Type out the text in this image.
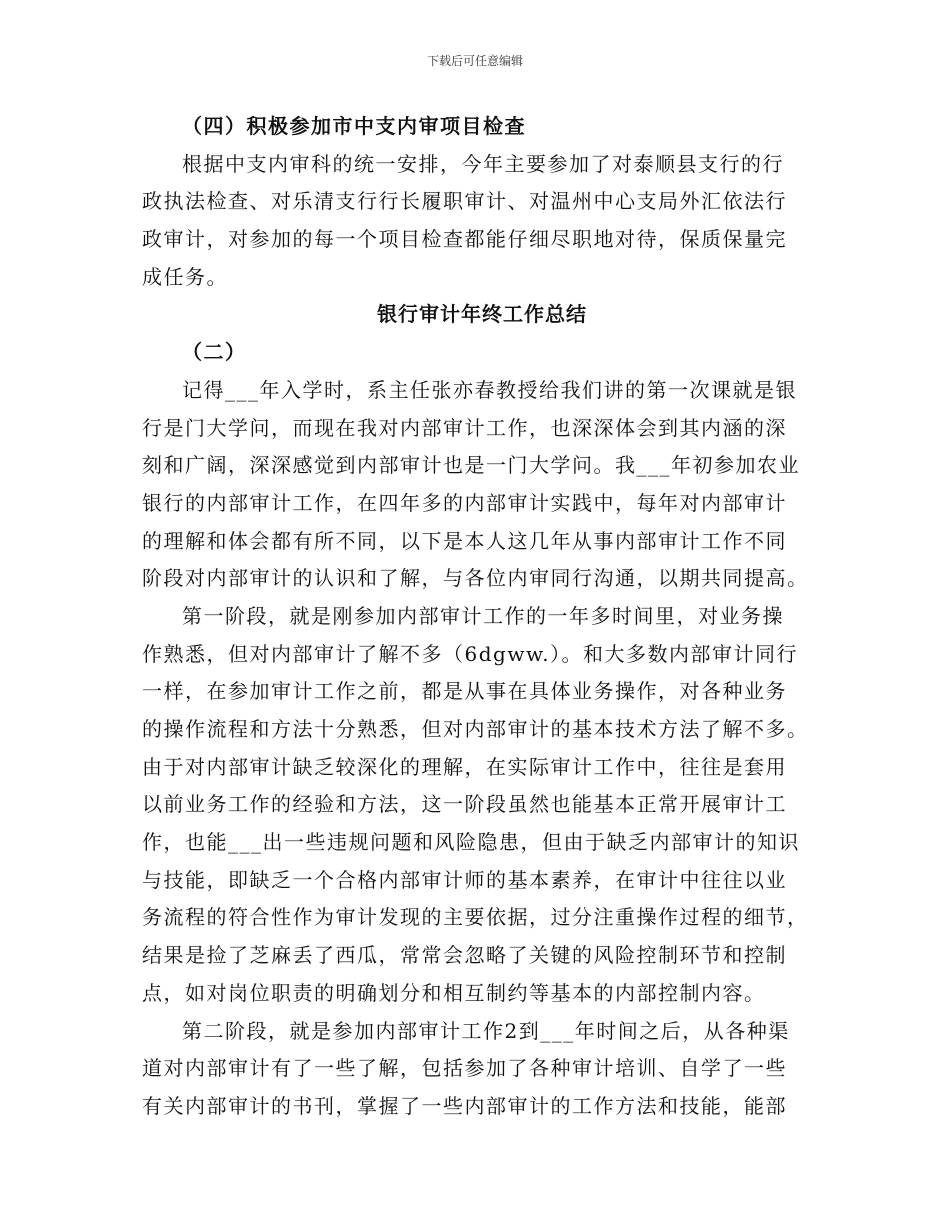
下载后可任意编辑
（四）积极参加市中支内审项目检查
根据中支内审科的统一安排，今年主要参加了对泰顺县支行的行
政执法检查、对乐清支行行长履职审计、对温州中心支局外汇依法行
政审计，对参加的每一个项目检查都能仔细尽职地对待，保质保量完
成任务。
银行审计年终工作总结
（二）
记得___年入学时，系主任张亦春教授给我们讲的第一次课就是银
行是门大学问，而现在我对内部审计工作，也深深体会到其内涵的深
刻和广阔，深深感觉到内部审计也是一门大学问。我___年初参加农业
银行的内部审计工作，在四年多的内部审计实践中，每年对内部审计
的理解和体会都有所不同，以下是本人这几年从事内部审计工作不同
阶段对内部审计的认识和了解，与各位内审同行沟通，以期共同提高。
第一阶段，就是刚参加内部审计工作的一年多时间里，对业务操
作熟悉，但对内部审计了解不多（6dgww.）。和大多数内部审计同行
一样，在参加审计工作之前，都是从事在具体业务操作，对各种业务
的操作流程和方法十分熟悉，但对内部审计的基本技术方法了解不多。
由于对内部审计缺乏较深化的理解，在实际审计工作中，往往是套用
以前业务工作的经验和方法，这一阶段虽然也能基本正常开展审计工
作，也能___出一些违规问题和风险隐患，但由于缺乏内部审计的知识
与技能，即缺乏一个合格内部审计师的基本素养，在审计中往往以业
务流程的符合性作为审计发现的主要依据，过分注重操作过程的细节，
结果是捡了芝麻丢了西瓜，常常会忽略了关键的风险控制环节和控制
点，如对岗位职责的明确划分和相互制约等基本的内部控制内容。
第二阶段，就是参加内部审计工作2到___年时间之后，从各种渠
道对内部审计有了一些了解，包括参加了各种审计培训、自学了一些
有关内部审计的书刊，掌握了一些内部审计的工作方法和技能，能部
